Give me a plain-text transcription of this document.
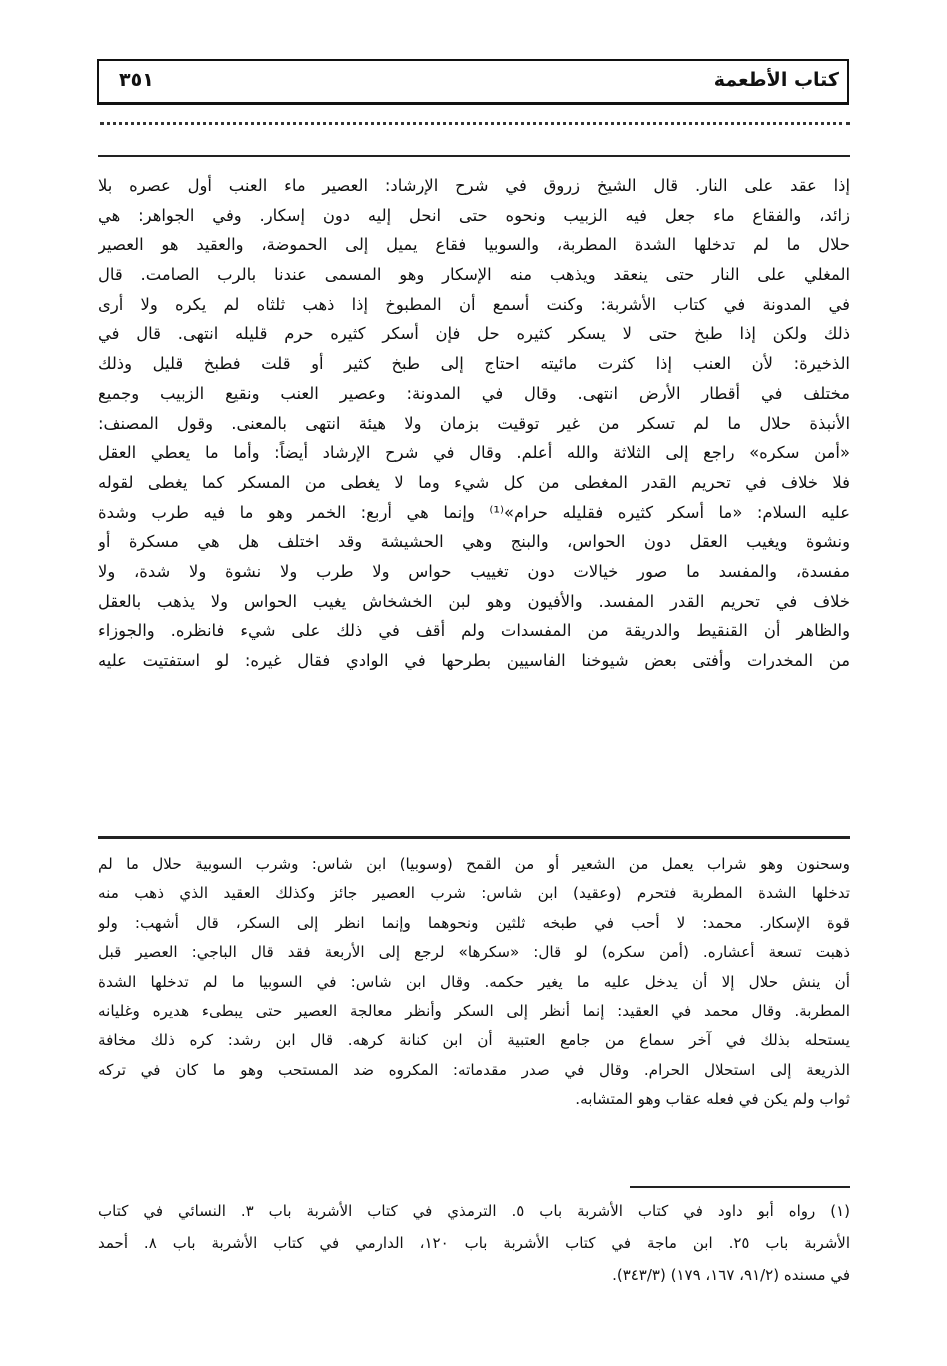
كتاب الأطعمة
٣٥١
إذا عقد على النار. قال الشيخ زروق في شرح الإرشاد: العصير ماء العنب أول عصره بلا
زائد، والفقاع ماء جعل فيه الزبيب ونحوه حتى انحل إليه دون إسكار. وفي الجواهر: هي
حلال ما لم تدخلها الشدة المطربة، والسوبيا فقاع يميل إلى الحموضة، والعقيد هو العصير
المغلي على النار حتى ينعقد ويذهب منه الإسكار وهو المسمى عندنا بالرب الصامت. قال
في المدونة في كتاب الأشربة: وكنت أسمع أن المطبوخ إذا ذهب ثلثاه لم يكره ولا أرى
ذلك ولكن إذا طبخ حتى لا يسكر كثيره حل فإن أسكر كثيره حرم قليله انتهى. قال في
الذخيرة: لأن العنب إذا كثرت مائيته احتاج إلى طبخ كثير أو قلت فطبخ قليل وذلك
مختلف في أقطار الأرض انتهى. وقال في المدونة: وعصير العنب ونقيع الزبيب وجميع
الأنبذة حلال ما لم تسكر من غير توقيت بزمان ولا هيئة انتهى بالمعنى. وقول المصنف:
«أمن سكره» راجع إلى الثلاثة والله أعلم. وقال في شرح الإرشاد أيضاً: وأما ما يعطي العقل
فلا خلاف في تحريم القدر المغطى من كل شيء وما لا يغطى من المسكر كما يغطى لقوله
عليه السلام: «ما أسكر كثيره فقليله حرام»⁽¹⁾ وإنما هي أربع: الخمر وهو ما فيه طرب وشدة
ونشوة ويغيب العقل دون الحواس، والبنج وهي الحشيشة وقد اختلف هل هي مسكرة أو
مفسدة، والمفسد ما صور خيالات دون تغييب حواس ولا طرب ولا نشوة ولا شدة، ولا
خلاف في تحريم القدر المفسد. والأفيون وهو لبن الخشخاش يغيب الحواس ولا يذهب بالعقل
والظاهر أن القنقيط والدريقة من المفسدات ولم أقف في ذلك على شيء فانظره. والجوزاء
من المخدرات وأفتى بعض شيوخنا الفاسيين بطرحها في الوادي فقال غيره: لو استفتيت عليه
وسحنون وهو شراب يعمل من الشعير أو من القمح (وسوبيا) ابن شاس: وشرب السوبية حلال ما لم
تدخلها الشدة المطربة فتحرم (وعقيد) ابن شاس: شرب العصير جائز وكذلك العقيد الذي ذهب منه
قوة الإسكار. محمد: لا أحب في طبخه ثلثين ونحوهما وإنما انظر إلى السكر، قال أشهب: ولو
ذهبت تسعة أعشاره. (أمن سكره) لو قال: «سكرها» لرجع إلى الأربعة فقد قال الباجي: العصير قبل
أن ينش حلال إلا أن يدخل عليه ما يغير حكمه. وقال ابن شاس: في السوبيا ما لم تدخلها الشدة
المطربة. وقال محمد في العقيد: إنما أنظر إلى السكر وأنظر معالجة العصير حتى يبطىء هديره وغليانه
يستحله بذلك في آخر سماع من جامع العتبية أن ابن كنانة كرهه. قال ابن رشد: كره ذلك مخافة
الذريعة إلى استحلال الحرام. وقال في صدر مقدماته: المكروه ضد المستحب وهو ما كان في تركه
ثواب ولم يكن في فعله عقاب وهو المتشابه.
(١) رواه أبو داود في كتاب الأشربة باب ٥. الترمذي في كتاب الأشربة باب ٣. النسائي في كتاب
الأشربة باب ٢٥. ابن ماجة في كتاب الأشربة باب ١٢٠، الدارمي في كتاب الأشربة باب ٨. أحمد
في مسنده (٩١/٢، ١٦٧، ١٧٩) (٣٤٣/٣).
